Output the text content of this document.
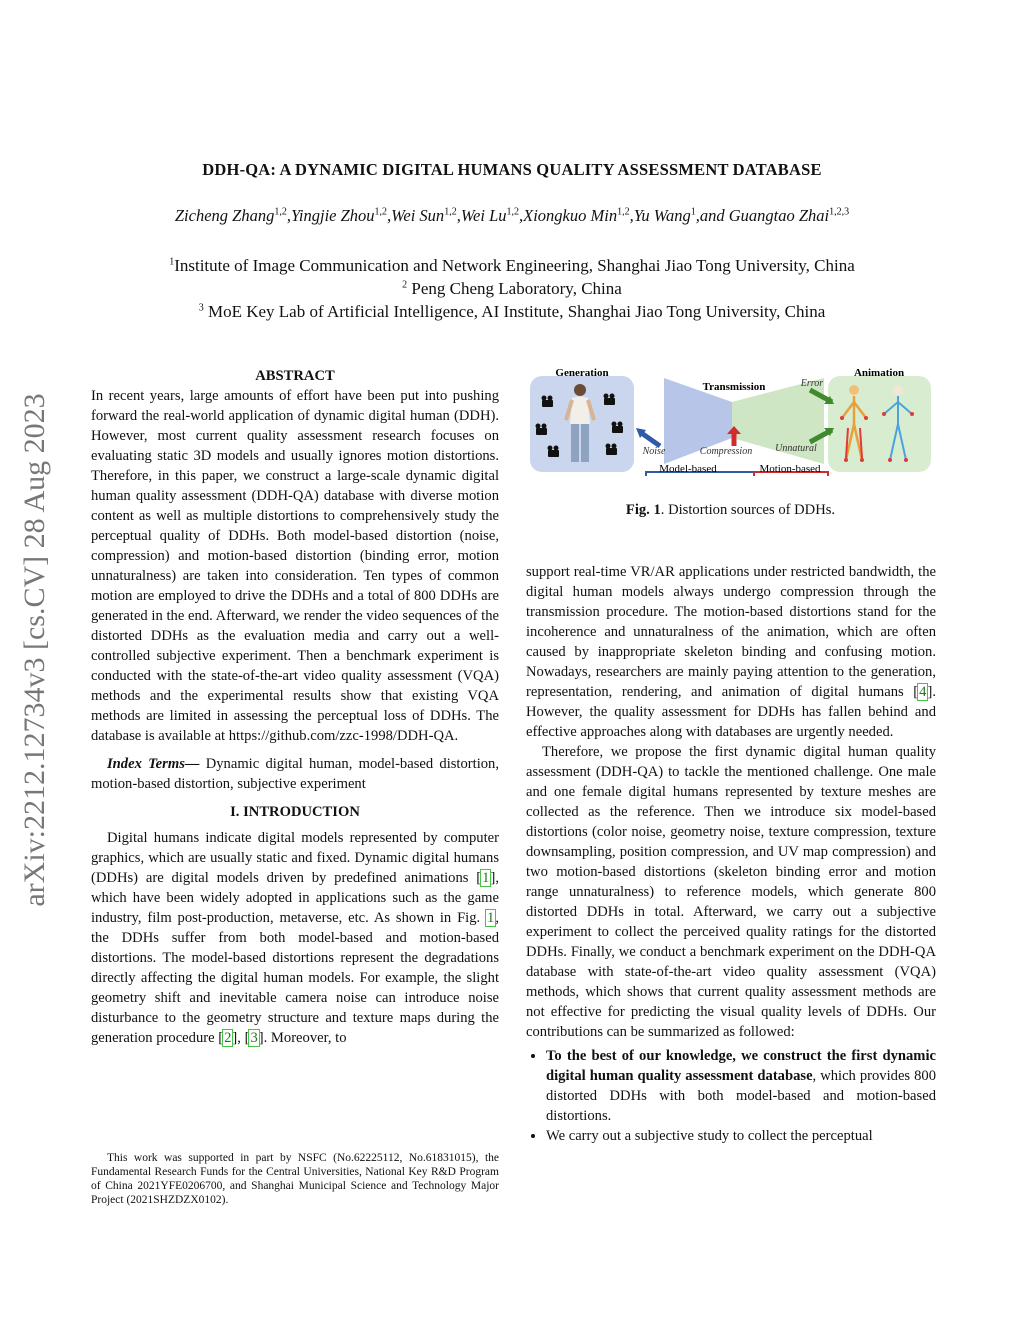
arXiv:2212.12734v3 [cs.CV] 28 Aug 2023
DDH-QA: A DYNAMIC DIGITAL HUMANS QUALITY ASSESSMENT DATABASE
Zicheng Zhang$^{1,2}$,Yingjie Zhou$^{1,2}$,Wei Sun$^{1,2}$,Wei Lu$^{1,2}$,Xiongkuo Min$^{1,2}$,Yu Wang$^1$,and Guangtao Zhai$^{1,2,3}$
$^1$Institute of Image Communication and Network Engineering, Shanghai Jiao Tong University, China
$^2$ Peng Cheng Laboratory, China
$^3$ MoE Key Lab of Artificial Intelligence, AI Institute, Shanghai Jiao Tong University, China
ABSTRACT

In recent years, large amounts of effort have been put into pushing forward the real-world application of dynamic digital human (DDH). However, most current quality assessment research focuses on evaluating static 3D models and usually ignores motion distortions. Therefore, in this paper, we construct a large-scale dynamic digital human quality assessment (DDH-QA) database with diverse motion content as well as multiple distortions to comprehensively study the perceptual quality of DDHs. Both model-based distortion (noise, compression) and motion-based distortion (binding error, motion unnaturalness) are taken into consideration. Ten types of common motion are employed to drive the DDHs and a total of 800 DDHs are generated in the end. Afterward, we render the video sequences of the distorted DDHs as the evaluation media and carry out a well-controlled subjective experiment. Then a benchmark experiment is conducted with the state-of-the-art video quality assessment (VQA) methods and the experimental results show that existing VQA methods are limited in assessing the perceptual loss of DDHs. The database is available at https://github.com/zzc-1998/DDH-QA.

Index Terms— Dynamic digital human, model-based distortion, motion-based distortion, subjective experiment

I. INTRODUCTION

Digital humans indicate digital models represented by computer graphics, which are usually static and fixed. Dynamic digital humans (DDHs) are digital models driven by predefined animations [1], which have been widely adopted in applications such as the game industry, film post-production, metaverse, etc. As shown in Fig. 1, the DDHs suffer from both model-based and motion-based distortions. The model-based distortions represent the degradations directly affecting the digital human models. For example, the slight geometry shift and inevitable camera noise can introduce noise disturbance to the geometry structure and texture maps during the generation procedure [2], [3]. Moreover, to

This work was supported in part by NSFC (No.62225112, No.61831015), the Fundamental Research Funds for the Central Universities, National Key R&D Program of China 2021YFE0206700, and Shanghai Municipal Science and Technology Major Project (2021SHZDZX0102).

Generation
Transmission
Animation
Error
Unnatural
Noise	Compression
Model-based	Motion-based
Fig. 1. Distortion sources of DDHs.

support real-time VR/AR applications under restricted bandwidth, the digital human models always undergo compression through the transmission procedure. The motion-based distortions stand for the incoherence and unnaturalness of the animation, which are often caused by inappropriate skeleton binding and confusing motion. Nowadays, researchers are mainly paying attention to the generation, representation, rendering, and animation of digital humans [4]. However, the quality assessment for DDHs has fallen behind and effective approaches along with databases are urgently needed.

Therefore, we propose the first dynamic digital human quality assessment (DDH-QA) to tackle the mentioned challenge. One male and one female digital humans represented by texture meshes are collected as the reference. Then we introduce six model-based distortions (color noise, geometry noise, texture compression, texture downsampling, position compression, and UV map compression) and two motion-based distortions (skeleton binding error and motion range unnaturalness) to reference models, which generate 800 distorted DDHs in total. Afterward, we carry out a subjective experiment to collect the perceived quality ratings for the distorted DDHs. Finally, we conduct a benchmark experiment on the DDH-QA database with state-of-the-art video quality assessment (VQA) methods, which shows that current quality assessment methods are not effective for predicting the visual quality levels of DDHs. Our contributions can be summarized as followed:

• To the best of our knowledge, we construct the first dynamic digital human quality assessment database, which provides 800 distorted DDHs with both model-based and motion-based distortions.
• We carry out a subjective study to collect the perceptual
